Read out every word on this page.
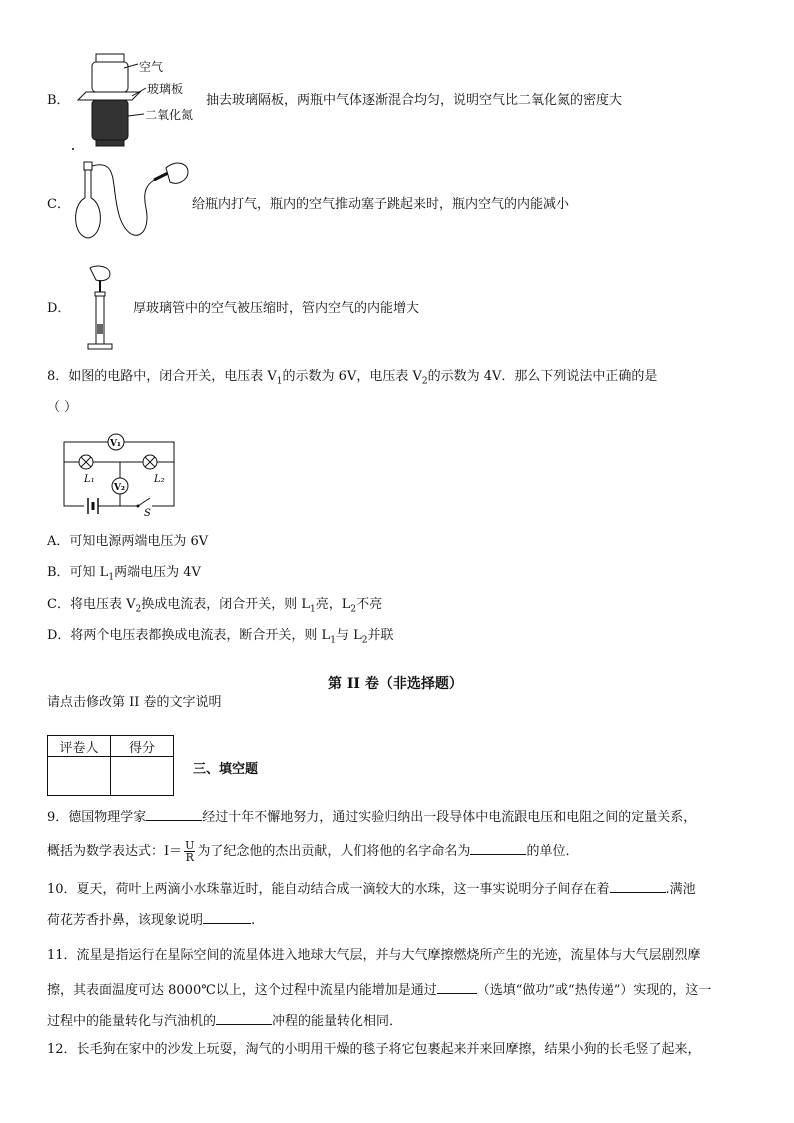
B．
空气
玻璃板
二氧化氮
抽去玻璃隔板，两瓶中气体逐渐混合均匀，说明空气比二氧化氮的密度大
C．	给瓶内打气，瓶内的空气推动塞子跳起来时，瓶内空气的内能减小
D．	厚玻璃管中的空气被压缩时，管内空气的内能增大
8．如图的电路中，闭合开关，电压表 $V_1$的示数为 6V，电压表 $V_2$的示数为 4V．那么下列说法中正确的是
（ ）
V₁
V₂
L₁	L₂
S
A．可知电源两端电压为 6V
B．可知 $L_1$两端电压为 4V
C．将电压表 $V_2$换成电流表，闭合开关，则 $L_1$亮，$L_2$不亮
D．将两个电压表都换成电流表，断合开关，则 $L_1$与 $L_2$并联
第 II 卷（非选择题）
请点击修改第 II 卷的文字说明
评卷人	得分

三、填空题
9．德国物理学家	经过十年不懈地努力，通过实验归纳出一段导体中电流跟电压和电阻之间的定量关系，
概括为数学表达式：$I= \frac{U}{R}$ 为了纪念他的杰出贡献，人们将他的名字命名为	的单位．
10．夏天，荷叶上两滴小水珠靠近时，能自动结合成一滴较大的水珠，这一事实说明分子间存在着	.满池
荷花芳香扑鼻，该现象说明	.
11．流星是指运行在星际空间的流星体进入地球大气层，并与大气摩擦燃烧所产生的光迹，流星体与大气层剧烈摩
擦，其表面温度可达 8000℃以上，这个过程中流星内能增加是通过	（选填“做功”或“热传递”）实现的，这一
过程中的能量转化与汽油机的	冲程的能量转化相同．
12．长毛狗在家中的沙发上玩耍，淘气的小明用干燥的毯子将它包裹起来并来回摩擦，结果小狗的长毛竖了起来，
